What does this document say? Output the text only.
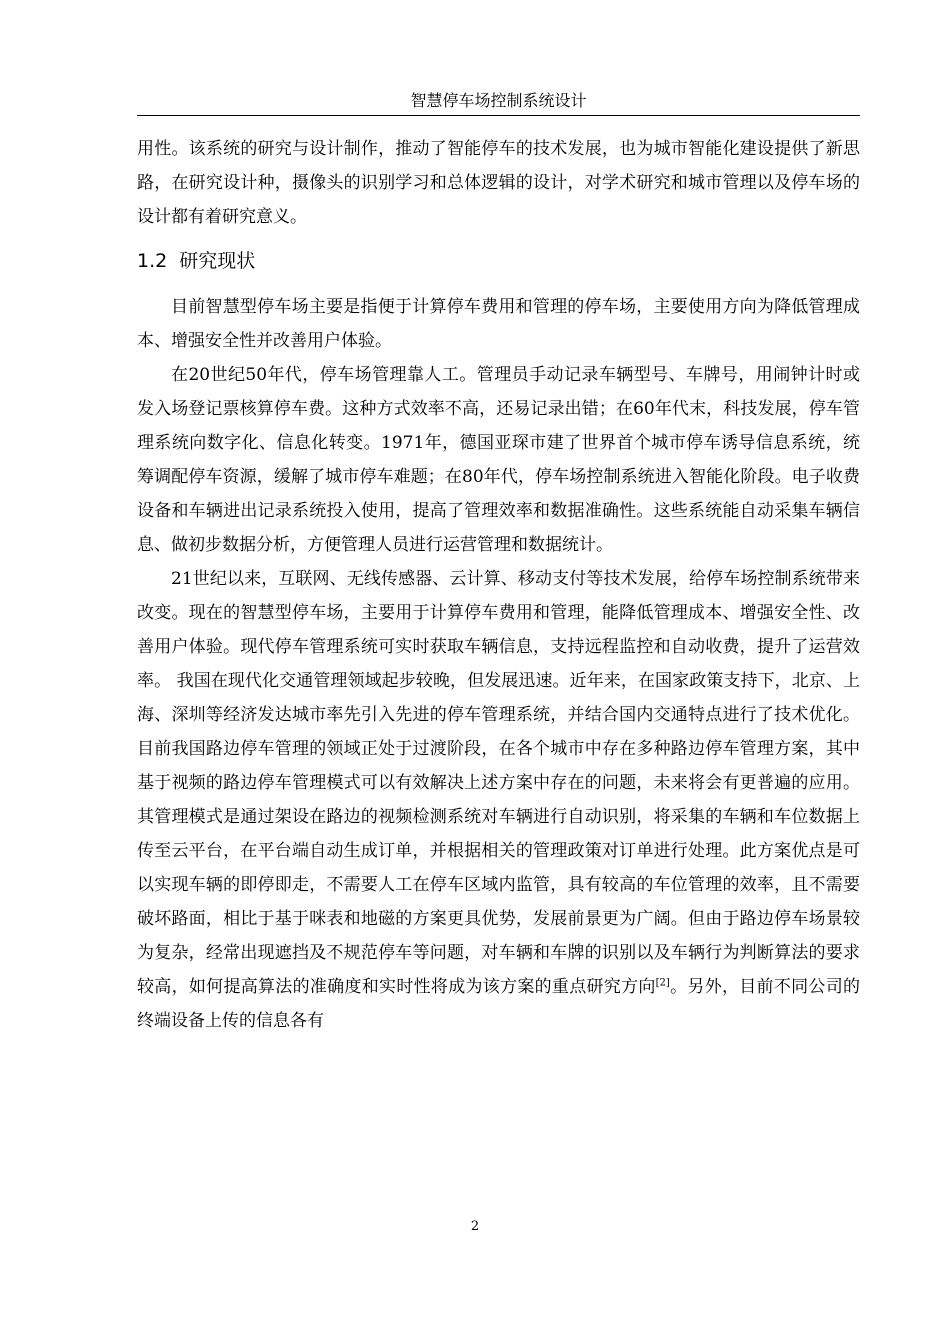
智慧停车场控制系统设计

用性。该系统的研究与设计制作，推动了智能停车的技术发展，也为城市智能化建设提供了新思路，在研究设计种，摄像头的识别学习和总体逻辑的设计，对学术研究和城市管理以及停车场的设计都有着研究意义。

1.2 研究现状

目前智慧型停车场主要是指便于计算停车费用和管理的停车场，主要使用方向为降低管理成本、增强安全性并改善用户体验。

在20世纪50年代，停车场管理靠人工。管理员手动记录车辆型号、车牌号，用闹钟计时或发入场登记票核算停车费。这种方式效率不高，还易记录出错；在60年代末，科技发展，停车管理系统向数字化、信息化转变。1971年，德国亚琛市建了世界首个城市停车诱导信息系统，统筹调配停车资源，缓解了城市停车难题；在80年代，停车场控制系统进入智能化阶段。电子收费设备和车辆进出记录系统投入使用，提高了管理效率和数据准确性。这些系统能自动采集车辆信息、做初步数据分析，方便管理人员进行运营管理和数据统计。

21世纪以来，互联网、无线传感器、云计算、移动支付等技术发展，给停车场控制系统带来改变。现在的智慧型停车场，主要用于计算停车费用和管理，能降低管理成本、增强安全性、改善用户体验。现代停车管理系统可实时获取车辆信息，支持远程监控和自动收费，提升了运营效率。 我国在现代化交通管理领域起步较晚，但发展迅速。近年来，在国家政策支持下，北京、上海、深圳等经济发达城市率先引入先进的停车管理系统，并结合国内交通特点进行了技术优化。目前我国路边停车管理的领域正处于过渡阶段，在各个城市中存在多种路边停车管理方案，其中基于视频的路边停车管理模式可以有效解决上述方案中存在的问题，未来将会有更普遍的应用。其管理模式是通过架设在路边的视频检测系统对车辆进行自动识别，将采集的车辆和车位数据上传至云平台，在平台端自动生成订单，并根据相关的管理政策对订单进行处理。此方案优点是可以实现车辆的即停即走，不需要人工在停车区域内监管，具有较高的车位管理的效率，且不需要破坏路面，相比于基于咪表和地磁的方案更具优势，发展前景更为广阔。但由于路边停车场景较为复杂，经常出现遮挡及不规范停车等问题，对车辆和车牌的识别以及车辆行为判断算法的要求较高，如何提高算法的准确度和实时性将成为该方案的重点研究方向[2]。另外，目前不同公司的终端设备上传的信息各有

2
